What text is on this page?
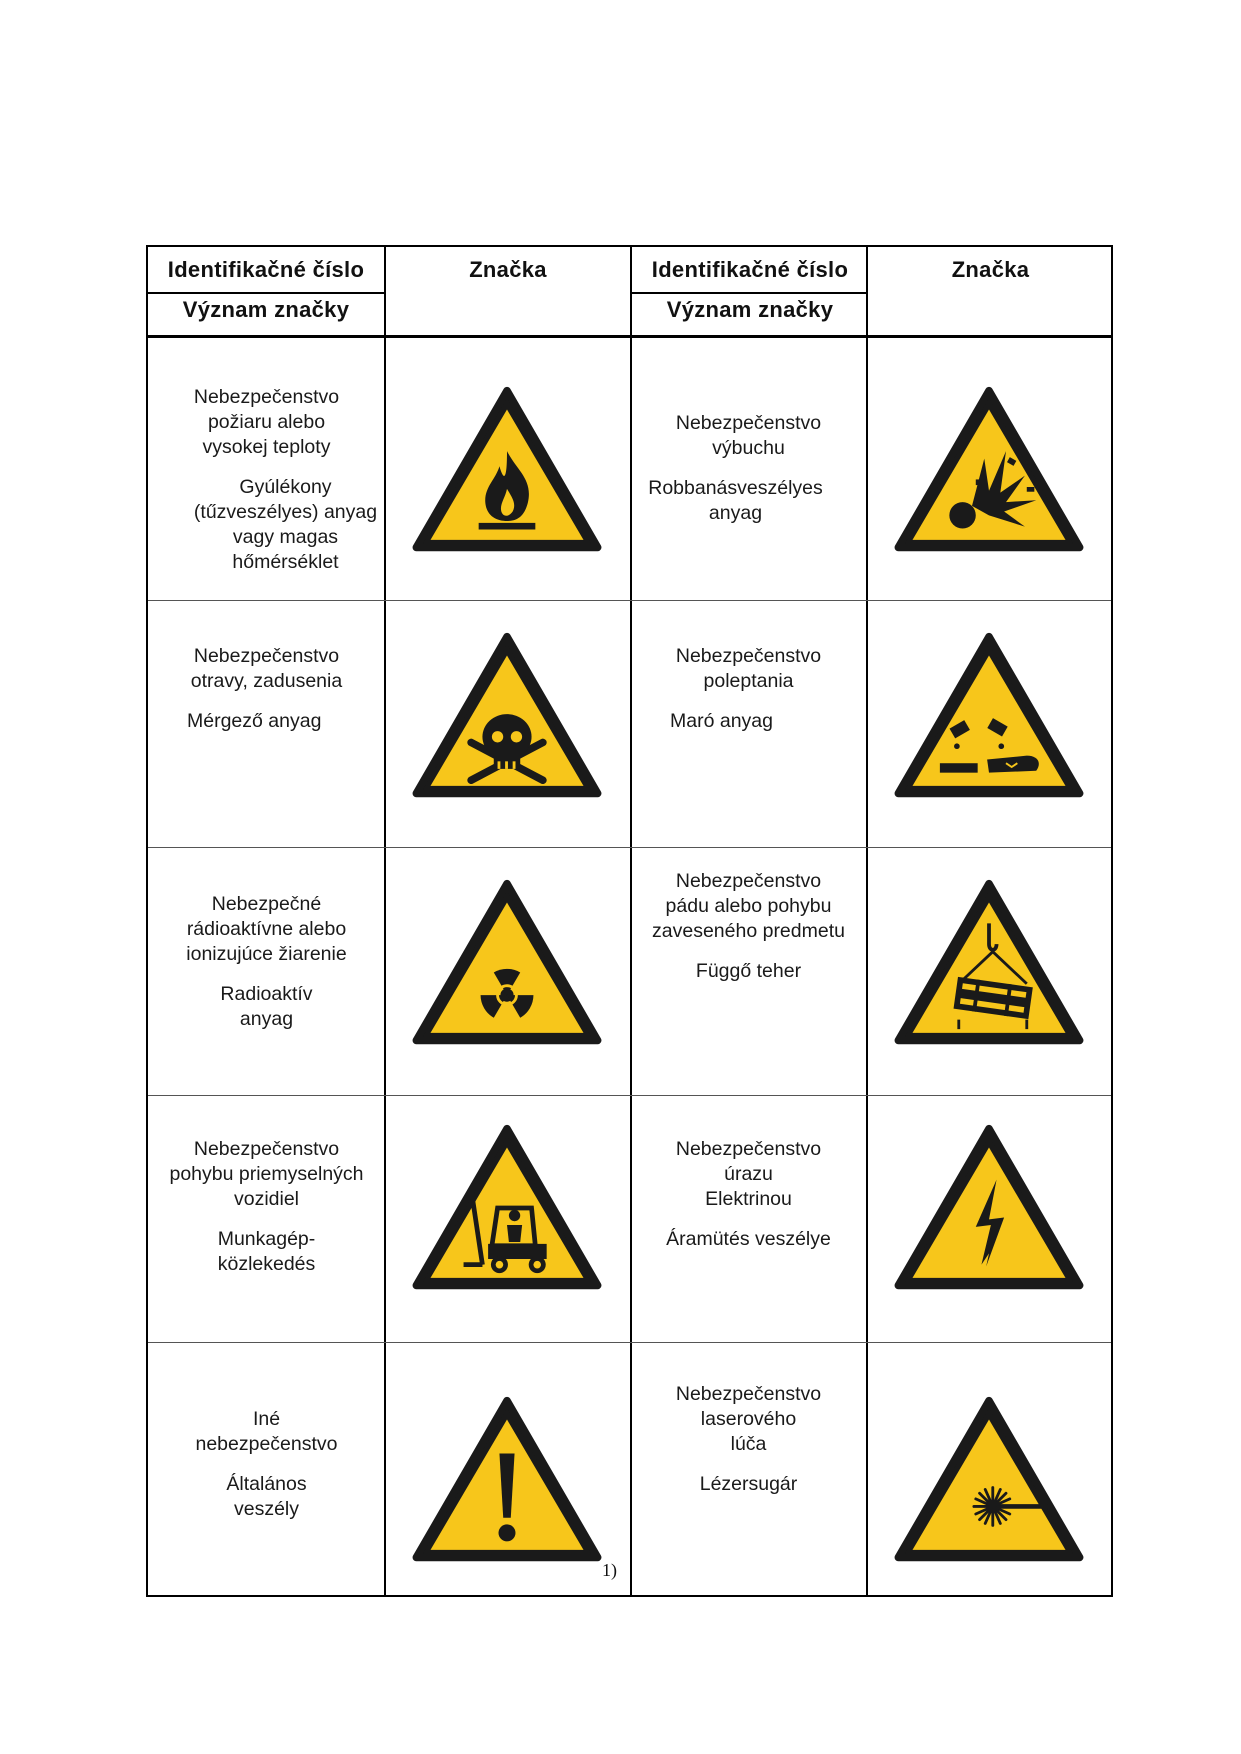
Identifikačné číslo
Význam značky
Značka	Identifikačné číslo
Význam značky
Značka

Nebezpečenstvo

požiaru alebo

vysokej teploty

Gyúlékony

(tűzveszélyes) anyag

vagy magas

hőmérséklet

Nebezpečenstvo

výbuchu

Robbanásveszélyes

anyag

Nebezpečenstvo

otravy, zadusenia

Mérgező anyag

Nebezpečenstvo

poleptania

Maró anyag

Nebezpečné

rádioaktívne alebo

ionizujúce žiarenie

Radioaktív

anyag

Nebezpečenstvo

pádu alebo pohybu

zaveseného predmetu

Függő teher

Nebezpečenstvo

pohybu priemyselných

vozidiel

Munkagép-

közlekedés

Nebezpečenstvo

úrazu

Elektrinou

Áramütés veszélye

Iné

nebezpečenstvo

Általános

veszély

1)

Nebezpečenstvo

laserového

lúča

Lézersugár
